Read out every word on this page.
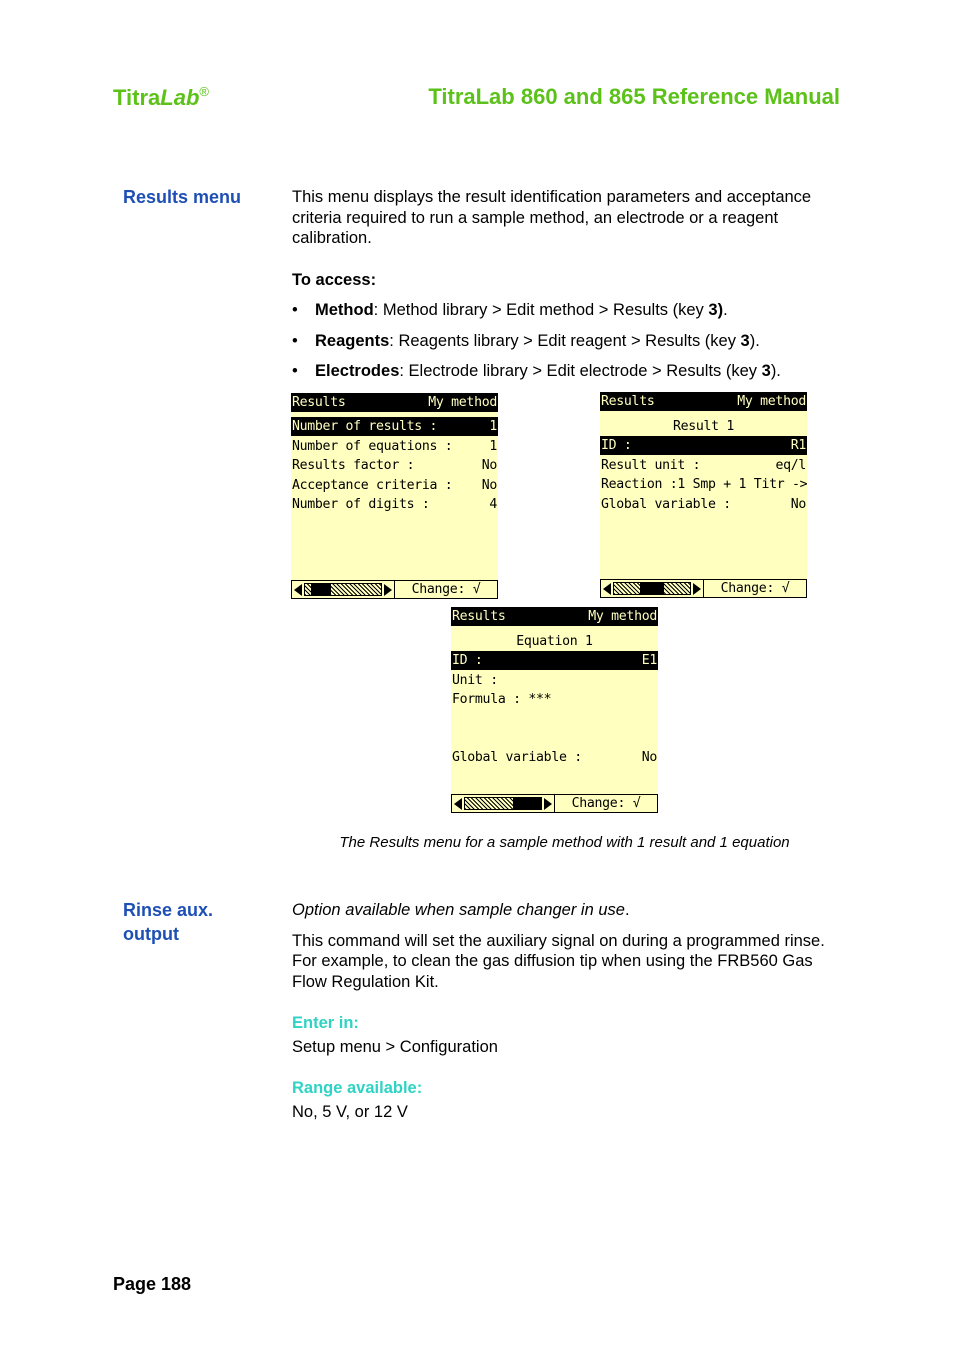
TitraLab®	TitraLab 860 and 865 Reference Manual
Results menu	This menu displays the result identification parameters and acceptance criteria required to run a sample method, an electrode or a reagent calibration.

To access:

• Method: Method library > Edit method > Results (key 3).
• Reagents: Reagents library > Edit reagent > Results (key 3).
• Electrodes: Electrode library > Edit electrode > Results (key 3).
Results	My method
Number of results :	1
Number of equations :	1
Results factor :	No
Acceptance criteria : No
Number of digits :	4
Change: √
Results	My method
Result 1
ID :	R1
Result unit :	eq/l
Reaction : 1 Smp + 1 Titr ->
Global variable :	No
Change: √
Results	My method
Equation 1
ID :	E1
Unit :
Formula : ***
Global variable :	No
Change: √
The Results menu for a sample method with 1 result and 1 equation
Rinse aux.
output

Option available when sample changer in use.

This command will set the auxiliary signal on during a programmed rinse. For example, to clean the gas diffusion tip when using the FRB560 Gas Flow Regulation Kit.

Enter in:

Setup menu > Configuration

Range available:

No, 5 V, or 12 V

Page 188
